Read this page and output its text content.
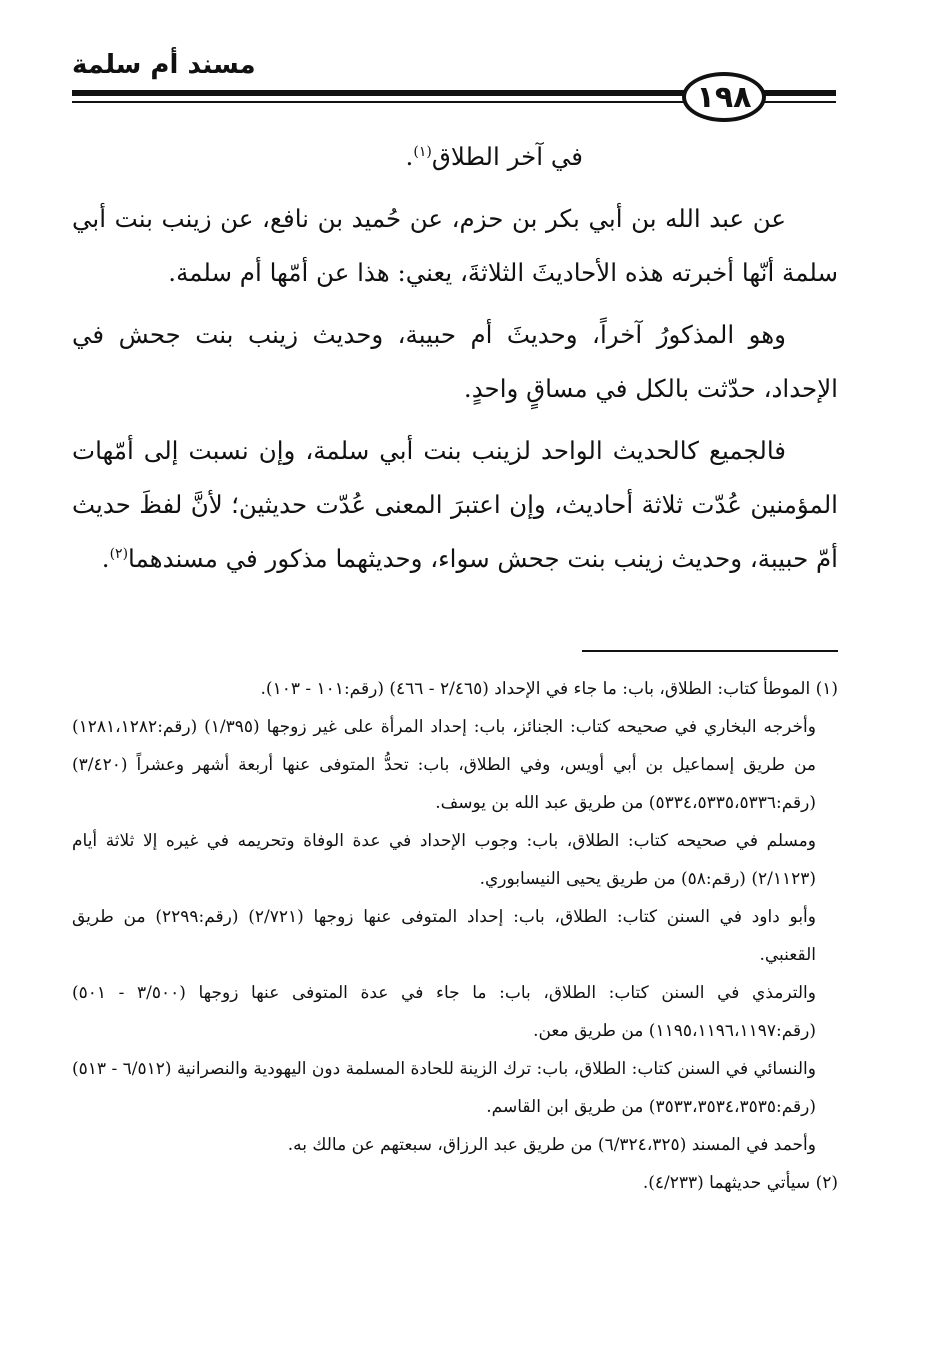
مسند أم سلمة
١٩٨

في آخر الطلاق$^{(١)}$.

عن عبد الله بن أبي بكر بن حزم، عن حُميد بن نافع، عن زينب بنت أبي سلمة أنّها أخبرته هذه الأحاديثَ الثلاثةَ، يعني: هذا عن أمّها أم سلمة.

وهو المذكورُ آخراً، وحديثَ أم حبيبة، وحديث زينب بنت جحش في الإحداد، حدّثت بالكل في مساقٍ واحدٍ.

فالجميع كالحديث الواحد لزينب بنت أبي سلمة، وإن نسبت إلى أمّهات المؤمنين عُدّت ثلاثة أحاديث، وإن اعتبرَ المعنى عُدّت حديثين؛ لأنَّ لفظَ حديث أمّ حبيبة، وحديث زينب بنت جحش سواء، وحديثهما مذكور في مسندهما$^{(٢)}$.

(١) الموطأ كتاب: الطلاق، باب: ما جاء في الإحداد (٢/٤٦٥ - ٤٦٦) (رقم:١٠١ - ١٠٣).

وأخرجه البخاري في صحيحه كتاب: الجنائز، باب: إحداد المرأة على غير زوجها (١/٣٩٥) (رقم:١٢٨١،١٢٨٢) من طريق إسماعيل بن أبي أويس، وفي الطلاق، باب: تحدُّ المتوفى عنها أربعة أشهر وعشراً (٣/٤٢٠) (رقم:٥٣٣٤،٥٣٣٥،٥٣٣٦) من طريق عبد الله بن يوسف.

ومسلم في صحيحه كتاب: الطلاق، باب: وجوب الإحداد في عدة الوفاة وتحريمه في غيره إلا ثلاثة أيام (٢/١١٢٣) (رقم:٥٨) من طريق يحيى النيسابوري.

وأبو داود في السنن كتاب: الطلاق، باب: إحداد المتوفى عنها زوجها (٢/٧٢١) (رقم:٢٢٩٩) من طريق القعنبي.

والترمذي في السنن كتاب: الطلاق، باب: ما جاء في عدة المتوفى عنها زوجها (٣/٥٠٠ - ٥٠١) (رقم:١١٩٥،١١٩٦،١١٩٧) من طريق معن.

والنسائي في السنن كتاب: الطلاق، باب: ترك الزينة للحادة المسلمة دون اليهودية والنصرانية (٦/٥١٢ - ٥١٣) (رقم:٣٥٣٣،٣٥٣٤،٣٥٣٥) من طريق ابن القاسم.

وأحمد في المسند (٦/٣٢٤،٣٢٥) من طريق عبد الرزاق، سبعتهم عن مالك به.

(٢) سيأتي حديثهما (٤/٢٣٣).
